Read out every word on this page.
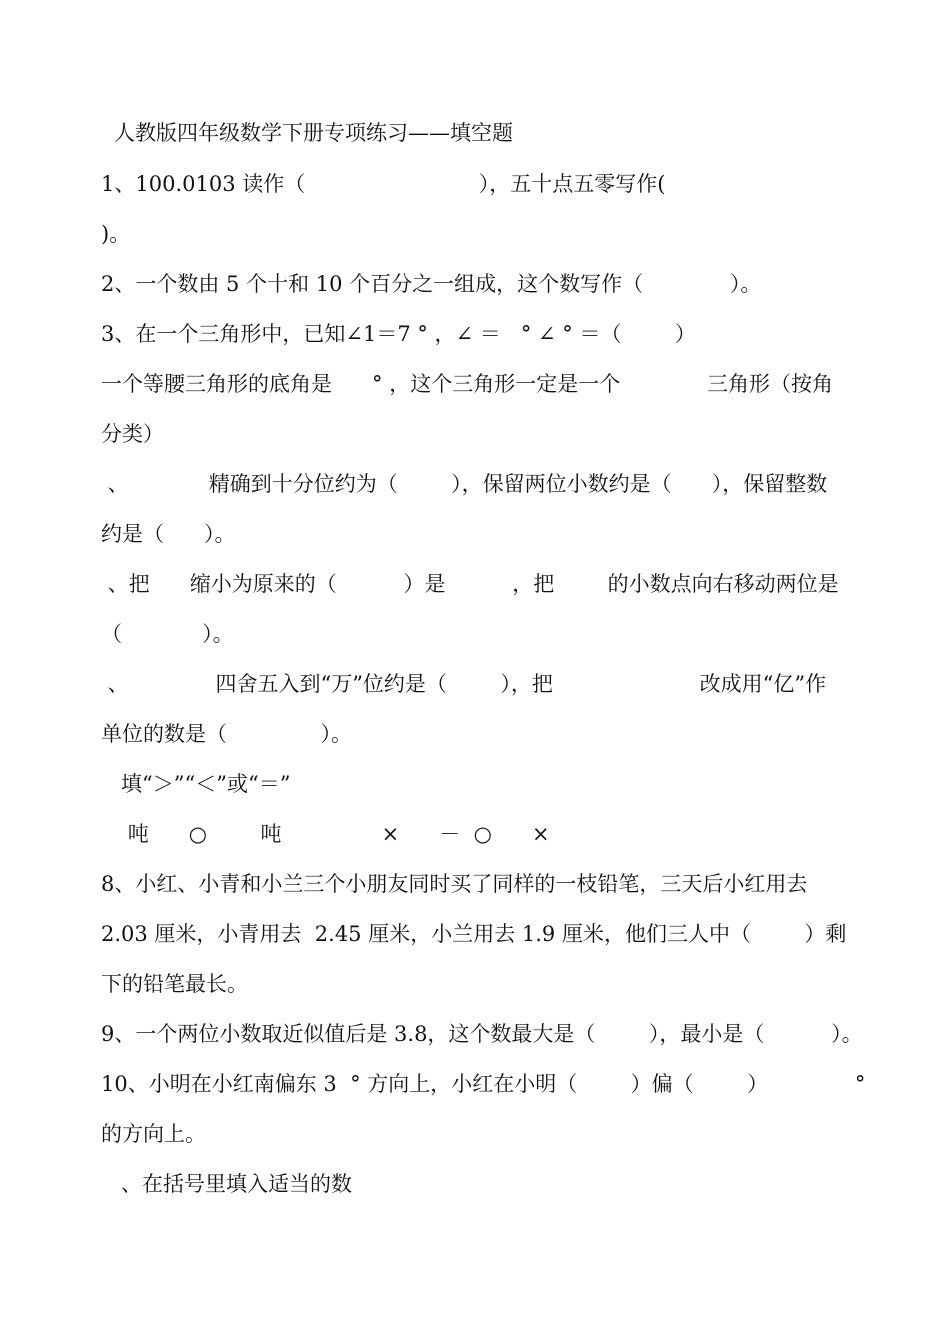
人教版四年级数学下册专项练习——填空题
1、100.0103 读作（                          ），五十点五零写作(
)。
2、一个数由 5 个十和 10 个百分之一组成，这个数写作（             ）。
3、在一个三角形中，已知∠1＝7 ° ，∠ ＝   ° ∠ ° ＝（        ）
一个等腰三角形的底角是      ° ，这个三角形一定是一个             三角形（按角
分类）
、            精确到十分位约为（        ），保留两位小数约是（      ），保留整数
约是（      ）。
、把      缩小为原来的（          ）是          ，把        的小数点向右移动两位是
（            ）。
、             四舍五入到“万”位约是（        ），把                      改成用“亿”作
单位的数是（              ）。
填“＞”“＜”或“＝”
吨      ○        吨               ×      －  ○      ×
8、小红、小青和小兰三个小朋友同时买了同样的一枝铅笔，三天后小红用去
2.03 厘米，小青用去  2.45 厘米，小兰用去 1.9 厘米，他们三人中（        ）剩
下的铅笔最长。
9、一个两位小数取近似值后是 3.8，这个数最大是（        ），最小是（          ）。
10、小明在小红南偏东 3  ° 方向上，小红在小明（        ）偏（        ）             °
的方向上。
、在括号里填入适当的数
